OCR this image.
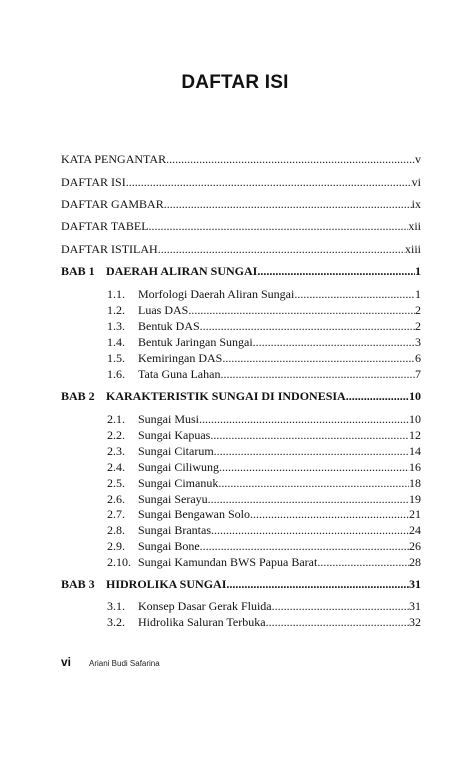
DAFTAR ISI
KATA PENGANTAR .....	v
DAFTAR ISI .....	vi
DAFTAR GAMBAR .....	ix
DAFTAR TABEL .....	xii
DAFTAR ISTILAH .....	xiii
BAB 1 DAERAH ALIRAN SUNGAI .....	1
1.1.	Morfologi Daerah Aliran Sungai .....	1
1.2.	Luas DAS .....	2
1.3.	Bentuk DAS .....	2
1.4.	Bentuk Jaringan Sungai .....	3
1.5.	Kemiringan DAS .....	6
1.6.	Tata Guna Lahan .....	7
BAB 2 KARAKTERISTIK SUNGAI DI INDONESIA .....	10
2.1.	Sungai Musi .....	10
2.2.	Sungai Kapuas .....	12
2.3.	Sungai Citarum .....	14
2.4.	Sungai Ciliwung .....	16
2.5.	Sungai Cimanuk .....	18
2.6.	Sungai Serayu .....	19
2.7.	Sungai Bengawan Solo .....	21
2.8.	Sungai Brantas .....	24
2.9.	Sungai Bone .....	26
2.10. Sungai Kamundan BWS Papua Barat .....	28
BAB 3 HIDROLIKA SUNGAI .....	31
3.1.	Konsep Dasar Gerak Fluida .....	31
3.2.	Hidrolika Saluran Terbuka .....	32
vi	Ariani Budi Safarina
